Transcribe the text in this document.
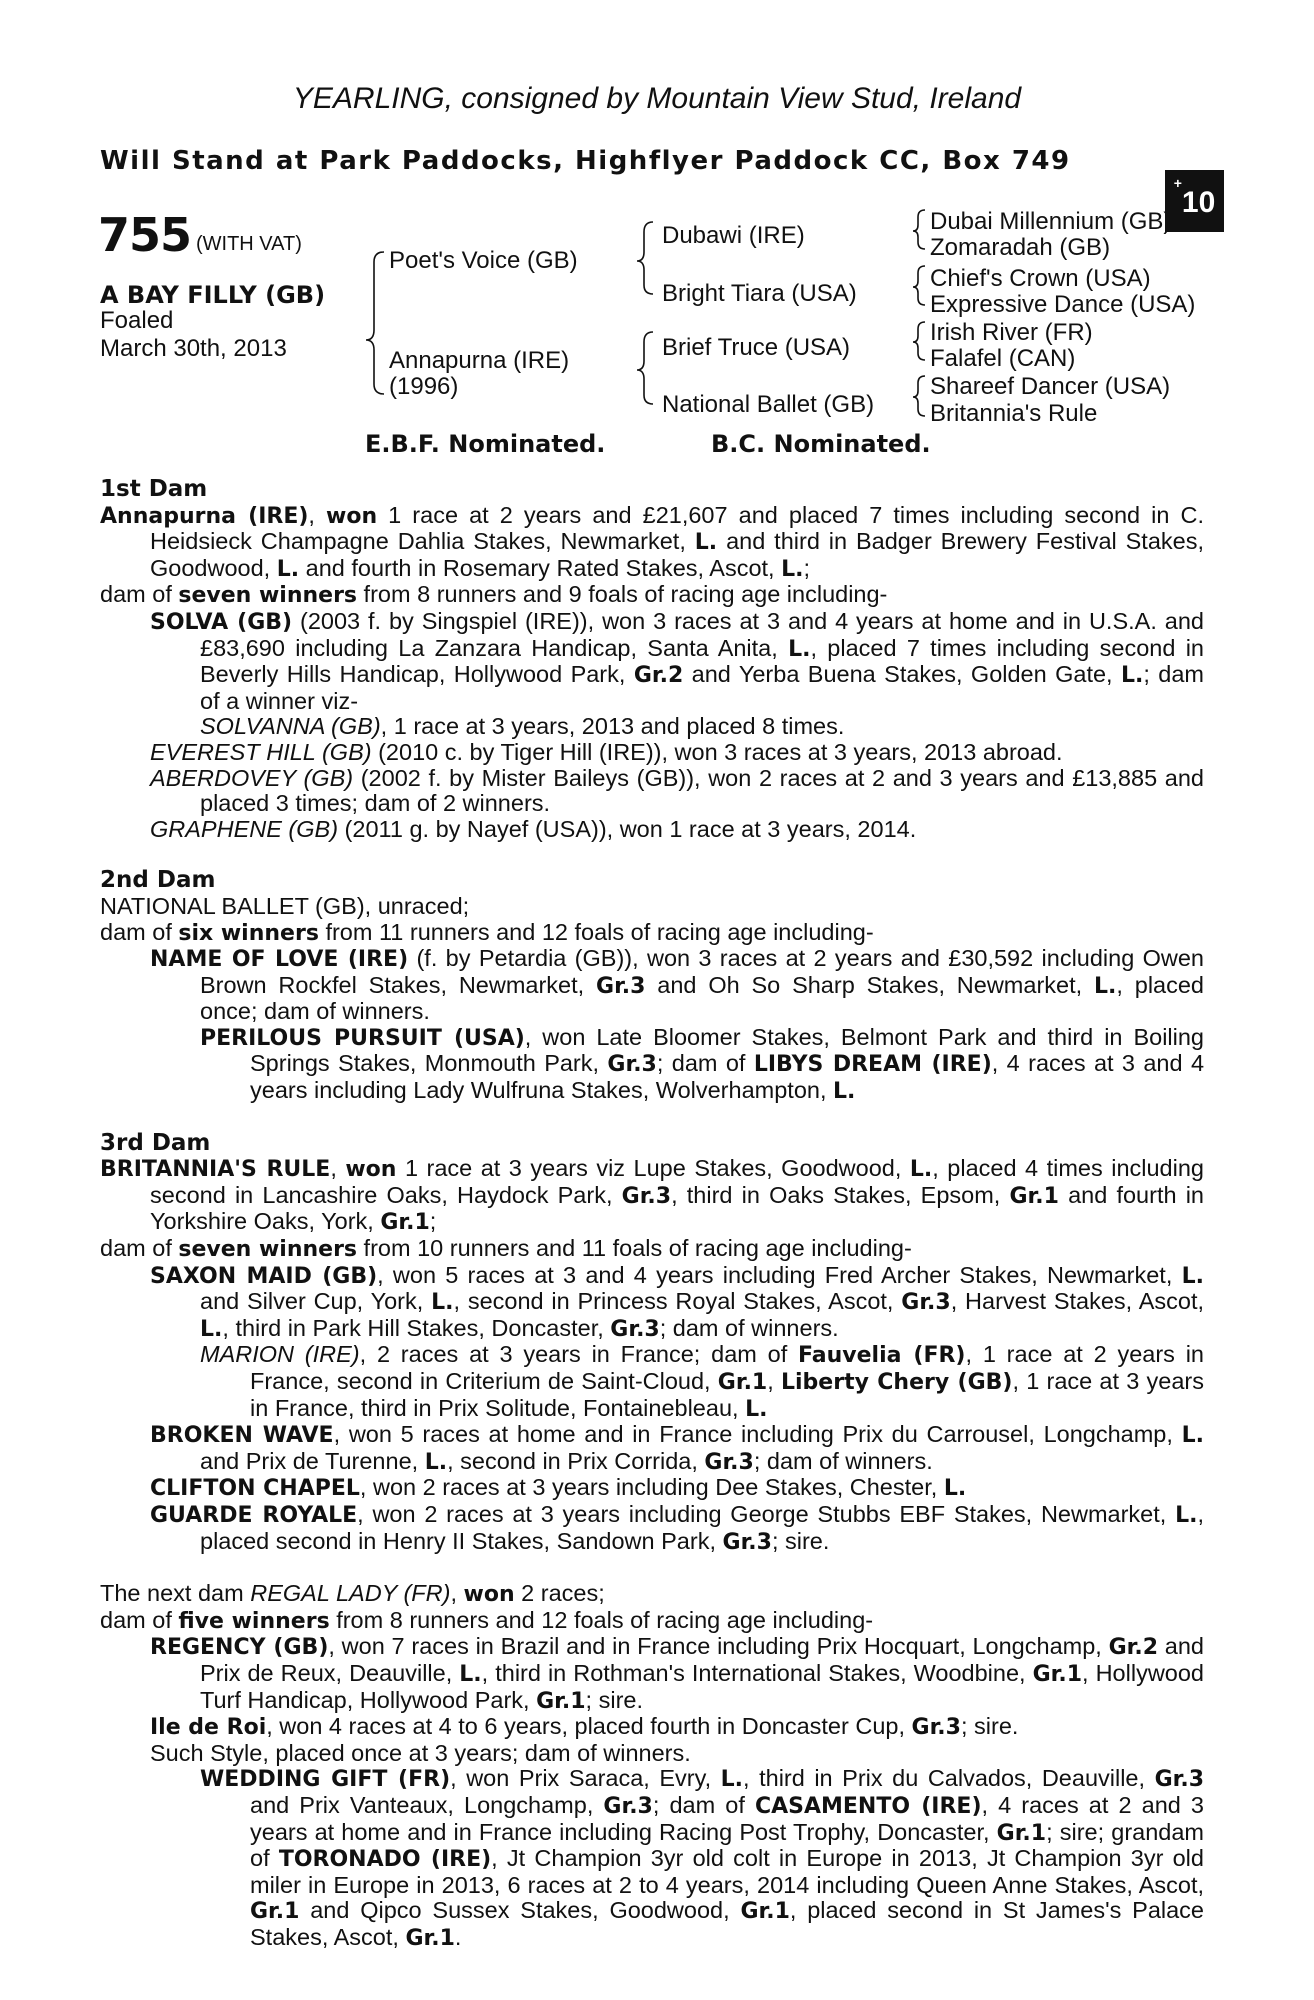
YEARLING, consigned by Mountain View Stud, Ireland
Will Stand at Park Paddocks, Highflyer Paddock CC, Box 749
+10
755 (WITH VAT)
A BAY FILLY (GB)
Foaled
March 30th, 2013
Poet's Voice (GB)
Annapurna (IRE)
(1996)
Dubawi (IRE)
Bright Tiara (USA)
Brief Truce (USA)
National Ballet (GB)
Dubai Millennium (GB)
Zomaradah (GB)
Chief's Crown (USA)
Expressive Dance (USA)
Irish River (FR)
Falafel (CAN)
Shareef Dancer (USA)
Britannia's Rule
E.B.F. Nominated.	B.C. Nominated.
1st Dam

Annapurna (IRE), won 1 race at 2 years and £21,607 and placed 7 times including second in C. Heidsieck Champagne Dahlia Stakes, Newmarket, L. and third in Badger Brewery Festival Stakes, Goodwood, L. and fourth in Rosemary Rated Stakes, Ascot, L.;

dam of seven winners from 8 runners and 9 foals of racing age including-

SOLVA (GB) (2003 f. by Singspiel (IRE)), won 3 races at 3 and 4 years at home and in U.S.A. and £83,690 including La Zanzara Handicap, Santa Anita, L., placed 7 times including second in Beverly Hills Handicap, Hollywood Park, Gr.2 and Yerba Buena Stakes, Golden Gate, L.; dam of a winner viz-

SOLVANNA (GB), 1 race at 3 years, 2013 and placed 8 times.

EVEREST HILL (GB) (2010 c. by Tiger Hill (IRE)), won 3 races at 3 years, 2013 abroad.

ABERDOVEY (GB) (2002 f. by Mister Baileys (GB)), won 2 races at 2 and 3 years and £13,885 and placed 3 times; dam of 2 winners.

GRAPHENE (GB) (2011 g. by Nayef (USA)), won 1 race at 3 years, 2014.

2nd Dam

NATIONAL BALLET (GB), unraced;

dam of six winners from 11 runners and 12 foals of racing age including-

NAME OF LOVE (IRE) (f. by Petardia (GB)), won 3 races at 2 years and £30,592 including Owen Brown Rockfel Stakes, Newmarket, Gr.3 and Oh So Sharp Stakes, Newmarket, L., placed once; dam of winners.

PERILOUS PURSUIT (USA), won Late Bloomer Stakes, Belmont Park and third in Boiling Springs Stakes, Monmouth Park, Gr.3; dam of LIBYS DREAM (IRE), 4 races at 3 and 4 years including Lady Wulfruna Stakes, Wolverhampton, L.

3rd Dam

BRITANNIA'S RULE, won 1 race at 3 years viz Lupe Stakes, Goodwood, L., placed 4 times including second in Lancashire Oaks, Haydock Park, Gr.3, third in Oaks Stakes, Epsom, Gr.1 and fourth in Yorkshire Oaks, York, Gr.1;

dam of seven winners from 10 runners and 11 foals of racing age including-

SAXON MAID (GB), won 5 races at 3 and 4 years including Fred Archer Stakes, Newmarket, L. and Silver Cup, York, L., second in Princess Royal Stakes, Ascot, Gr.3, Harvest Stakes, Ascot, L., third in Park Hill Stakes, Doncaster, Gr.3; dam of winners.

MARION (IRE), 2 races at 3 years in France; dam of Fauvelia (FR), 1 race at 2 years in France, second in Criterium de Saint-Cloud, Gr.1, Liberty Chery (GB), 1 race at 3 years in France, third in Prix Solitude, Fontainebleau, L.

BROKEN WAVE, won 5 races at home and in France including Prix du Carrousel, Longchamp, L. and Prix de Turenne, L., second in Prix Corrida, Gr.3; dam of winners.

CLIFTON CHAPEL, won 2 races at 3 years including Dee Stakes, Chester, L.

GUARDE ROYALE, won 2 races at 3 years including George Stubbs EBF Stakes, Newmarket, L., placed second in Henry II Stakes, Sandown Park, Gr.3; sire.

The next dam REGAL LADY (FR), won 2 races;

dam of five winners from 8 runners and 12 foals of racing age including-

REGENCY (GB), won 7 races in Brazil and in France including Prix Hocquart, Longchamp, Gr.2 and Prix de Reux, Deauville, L., third in Rothman's International Stakes, Woodbine, Gr.1, Hollywood Turf Handicap, Hollywood Park, Gr.1; sire.

Ile de Roi, won 4 races at 4 to 6 years, placed fourth in Doncaster Cup, Gr.3; sire.

Such Style, placed once at 3 years; dam of winners.

WEDDING GIFT (FR), won Prix Saraca, Evry, L., third in Prix du Calvados, Deauville, Gr.3 and Prix Vanteaux, Longchamp, Gr.3; dam of CASAMENTO (IRE), 4 races at 2 and 3 years at home and in France including Racing Post Trophy, Doncaster, Gr.1; sire; grandam of TORONADO (IRE), Jt Champion 3yr old colt in Europe in 2013, Jt Champion 3yr old miler in Europe in 2013, 6 races at 2 to 4 years, 2014 including Queen Anne Stakes, Ascot, Gr.1 and Qipco Sussex Stakes, Goodwood, Gr.1, placed second in St James's Palace Stakes, Ascot, Gr.1.
